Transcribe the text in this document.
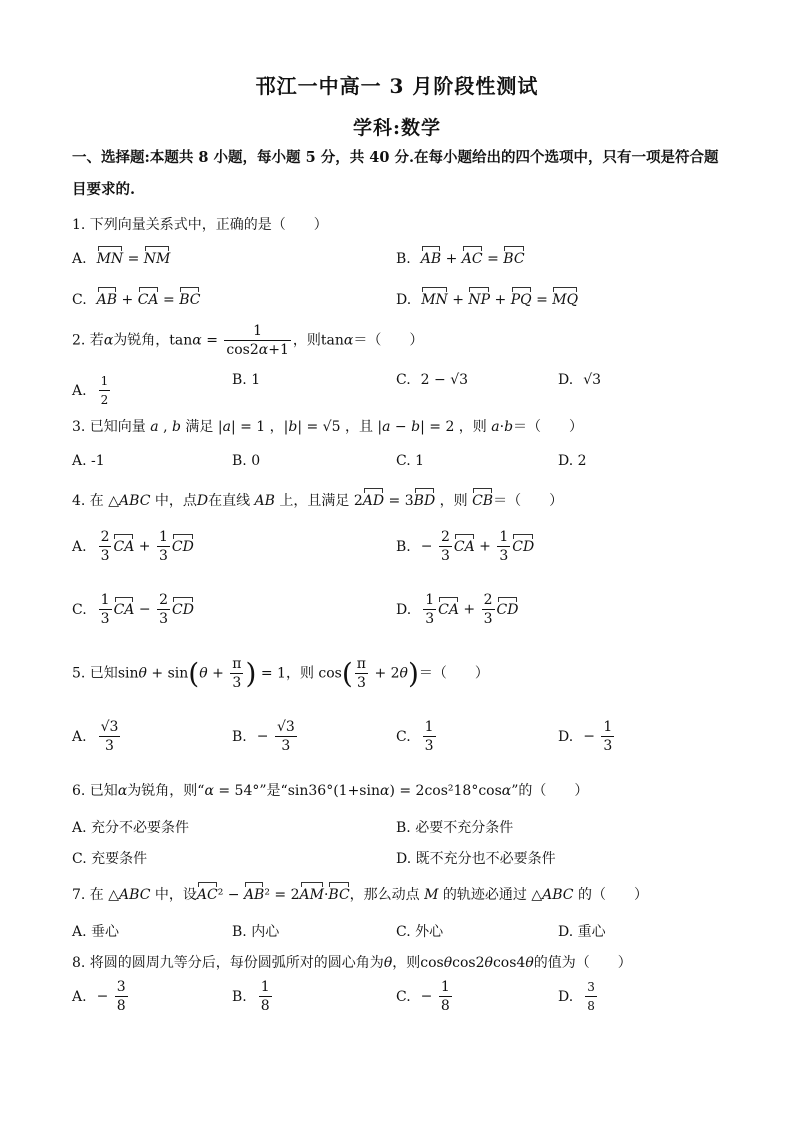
邗江一中高一 3 月阶段性测试
学科:数学
一、选择题:本题共 8 小题，每小题 5 分，共 40 分.在每小题给出的四个选项中，只有一项是符合题目要求的.
1. 下列向量关系式中，正确的是（　　）
A. MN = NM	B. AB + AC = BC
C. AB + CA = BC	D. MN + NP + PQ = MQ
2. 若α为锐角，$\tan\alpha = \frac{1}{\cos 2\alpha+1}$ ，则tanα＝（　　）
A. $\frac{1}{2}$	B. 1	C. 2 − √3	D. √3
3. 已知向量 a , b 满足 |a| = 1 ，|b| = √5 ，且 |a − b| = 2 ，则 a·b＝（　　）
A. -1	B. 0	C. 1	D. 2
4. 在 △ABC 中，点D在直线 AB 上，且满足 2AD = 3BD ，则 CB＝（　　）
A. $\frac{2}{3}$ CA + $\frac{1}{3}$ CD	B. − $\frac{2}{3}$ CA + $\frac{1}{3}$ CD
C. $\frac{1}{3}$ CA − $\frac{2}{3}$ CD	D. $\frac{1}{3}$ CA + $\frac{2}{3}$ CD
5. 已知$\sin\theta + \sin(\theta + \frac{\pi}{3}$ ) = 1，则 $\cos( \frac{\pi}{3} + 2\theta)=$（　　）
A. $\frac{√3}{3}$	B. − $\frac{√3}{3}$	C. $\frac{1}{3}$	D. − $\frac{1}{3}$
6. 已知α为锐角，则“α = 54°”是“sin36°(1+sinα) = 2cos²18°cosα”的（　　）
A. 充分不必要条件	B. 必要不充分条件
C. 充要条件	D. 既不充分也不必要条件
7. 在 △ABC 中，设AC² − AB² = 2AM·BC，那么动点 M 的轨迹必通过 △ABC 的（　　）
A. 垂心	B. 内心	C. 外心	D. 重心
8. 将圆的圆周九等分后，每份圆弧所对的圆心角为θ，则cosθcos2θcos4θ的值为（　　）
A. − $\frac{3}{8}$	B. $\frac{1}{8}$	C. − $\frac{1}{8}$	D. $\frac{3}{8}$
